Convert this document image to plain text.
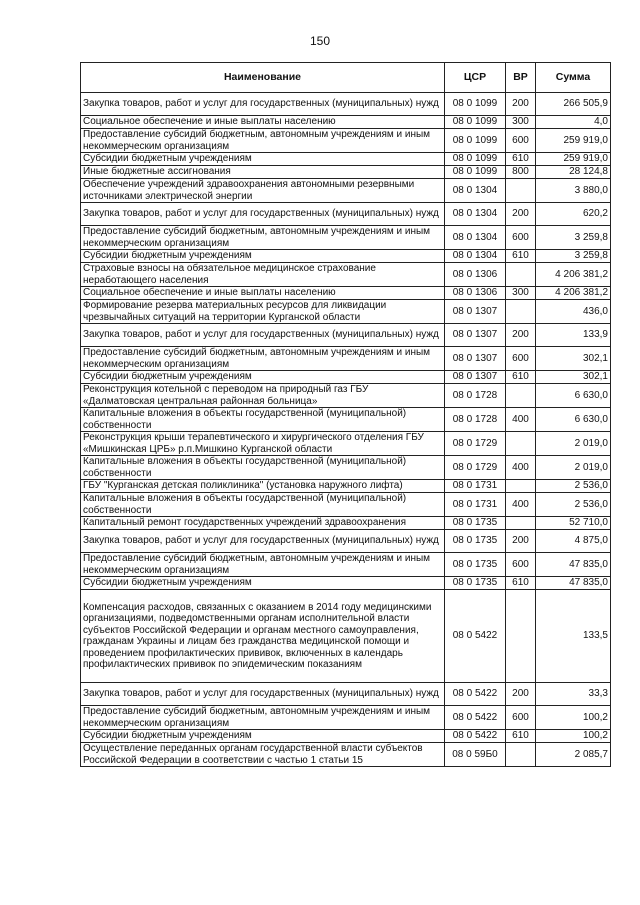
150
Наименование	ЦСР	ВР	Сумма
Закупка товаров, работ и услуг для государственных (муниципальных) нужд	08 0 1099	200	266 505,9
Социальное обеспечение и иные выплаты населению	08 0 1099	300	4,0
Предоставление субсидий бюджетным, автономным учреждениям и иным некоммерческим организациям	08 0 1099	600	259 919,0
Субсидии бюджетным учреждениям	08 0 1099	610	259 919,0
Иные бюджетные ассигнования	08 0 1099	800	28 124,8
Обеспечение учреждений здравоохранения автономными резервными источниками электрической энергии	08 0 1304		3 880,0
Закупка товаров, работ и услуг для государственных (муниципальных) нужд	08 0 1304	200	620,2
Предоставление субсидий бюджетным, автономным учреждениям и иным некоммерческим организациям	08 0 1304	600	3 259,8
Субсидии бюджетным учреждениям	08 0 1304	610	3 259,8
Страховые взносы на обязательное медицинское страхование неработающего населения	08 0 1306		4 206 381,2
Социальное обеспечение и иные выплаты населению	08 0 1306	300	4 206 381,2
Формирование резерва материальных ресурсов для ликвидации чрезвычайных ситуаций на территории Курганской области	08 0 1307		436,0
Закупка товаров, работ и услуг для государственных (муниципальных) нужд	08 0 1307	200	133,9
Предоставление субсидий бюджетным, автономным учреждениям и иным некоммерческим организациям	08 0 1307	600	302,1
Субсидии бюджетным учреждениям	08 0 1307	610	302,1
Реконструкция котельной с переводом на природный газ ГБУ «Далматовская центральная районная больница»	08 0 1728		6 630,0
Капитальные вложения в объекты государственной (муниципальной) собственности	08 0 1728	400	6 630,0
Реконструкция крыши терапевтического и хирургического отделения ГБУ «Мишкинская ЦРБ» р.п.Мишкино Курганской области	08 0 1729		2 019,0
Капитальные вложения в объекты государственной (муниципальной) собственности	08 0 1729	400	2 019,0
ГБУ "Курганская детская поликлиника" (установка наружного лифта)	08 0 1731		2 536,0
Капитальные вложения в объекты государственной (муниципальной) собственности	08 0 1731	400	2 536,0
Капитальный ремонт государственных учреждений здравоохранения	08 0 1735		52 710,0
Закупка товаров, работ и услуг для государственных (муниципальных) нужд	08 0 1735	200	4 875,0
Предоставление субсидий бюджетным, автономным учреждениям и иным некоммерческим организациям	08 0 1735	600	47 835,0
Субсидии бюджетным учреждениям	08 0 1735	610	47 835,0
Компенсация расходов, связанных с оказанием в 2014 году медицинскими организациями, подведомственными органам исполнительной власти субъектов Российской Федерации и органам местного самоуправления, гражданам Украины и лицам без гражданства медицинской помощи и проведением профилактических прививок, включенных в календарь профилактических прививок по эпидемическим показаниям	08 0 5422		133,5
Закупка товаров, работ и услуг для государственных (муниципальных) нужд	08 0 5422	200	33,3
Предоставление субсидий бюджетным, автономным учреждениям и иным некоммерческим организациям	08 0 5422	600	100,2
Субсидии бюджетным учреждениям	08 0 5422	610	100,2
Осуществление переданных органам государственной власти субъектов Российской Федерации в соответствии с частью 1 статьи 15	08 0 59Б0		2 085,7
